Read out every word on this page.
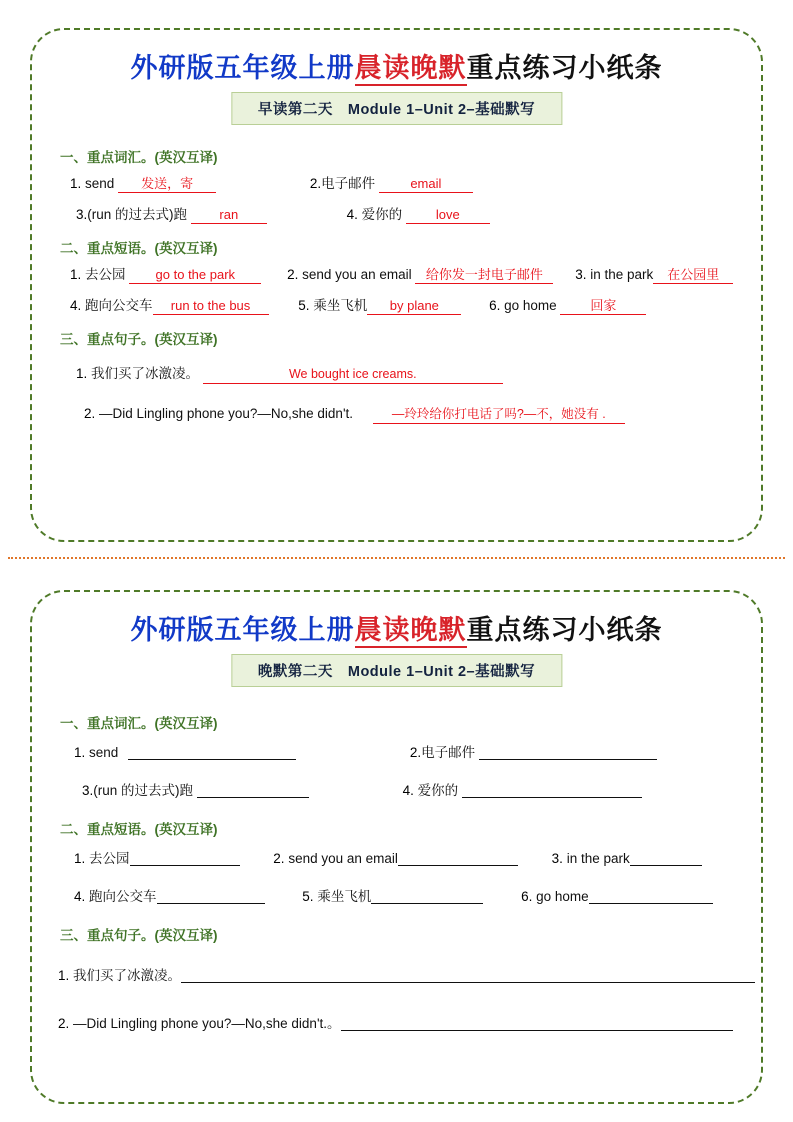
外研版五年级上册晨读晚默重点练习小纸条
早读第二天　Module 1–Unit 2–基础默写
一、重点词汇。(英汉互译)
1. send 发送，寄	2.电子邮件	email
3.(run 的过去式)跑 ran	4. 爱你的	love
二、重点短语。(英汉互译)
1. 去公园 go to the park	2. send you an email 给你发一封电子邮件 3. in the park 在公园里
4. 跑向公交车 run to the bus	5. 乘坐飞机 by plane	6. go home	回家
三、重点句子。(英汉互译)
1. 我们买了冰激凌。	We bought ice creams.
2. —Did Lingling phone you?—No,she didn't.	—玲玲给你打电话了吗?—不，她没有 .
外研版五年级上册晨读晚默重点练习小纸条
晚默第二天　Module 1–Unit 2–基础默写
一、重点词汇。(英汉互译)
1. send	2.电子邮件
3.(run 的过去式)跑	4. 爱你的
二、重点短语。(英汉互译)
1. 去公园	2. send you an email	3. in the park
4. 跑向公交车	5. 乘坐飞机	6. go home
三、重点句子。(英汉互译)
1. 我们买了冰激凌。
2. —Did Lingling phone you?—No,she didn't.。
